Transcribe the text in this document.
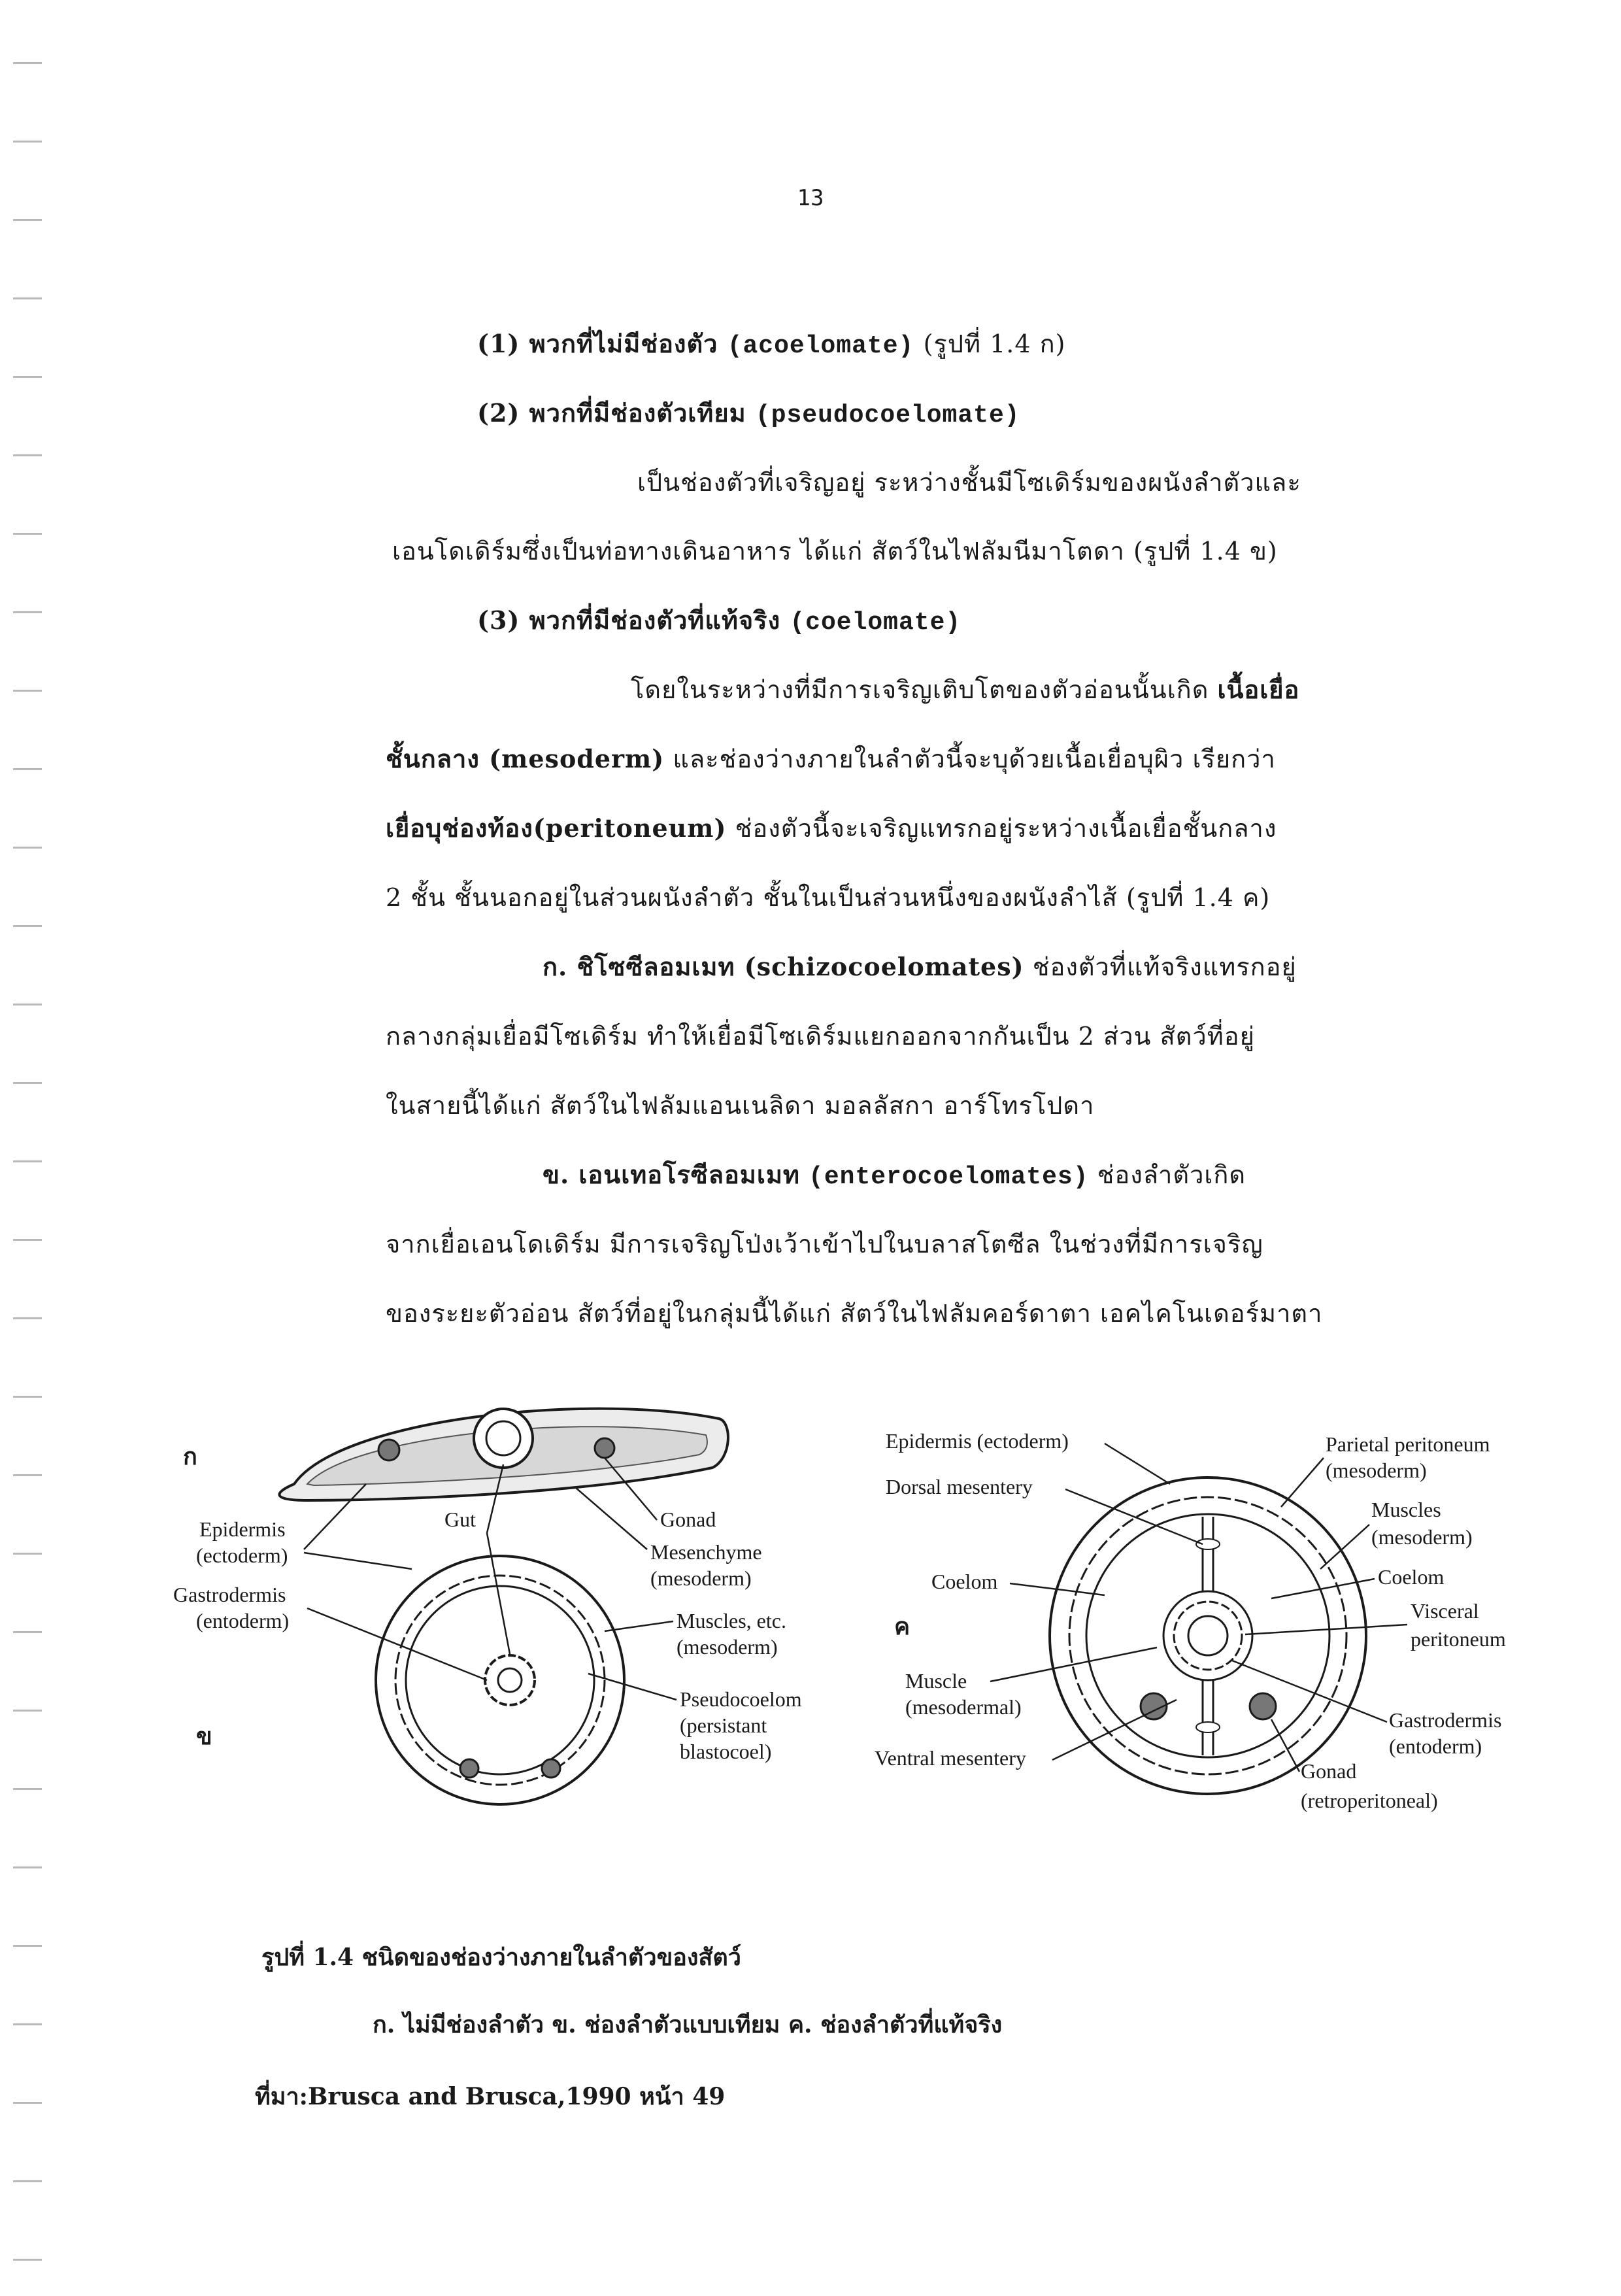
13
(1) พวกที่ไม่มีช่องตัว (acoelomate) (รูปที่ 1.4 ก)
(2) พวกที่มีช่องตัวเทียม (pseudocoelomate)
เป็นช่องตัวที่เจริญอยู่ ระหว่างชั้นมีโซเดิร์มของผนังลำตัวและ
เอนโดเดิร์มซึ่งเป็นท่อทางเดินอาหาร ได้แก่ สัตว์ในไฟลัมนีมาโตดา (รูปที่ 1.4 ข)
(3) พวกที่มีช่องตัวที่แท้จริง (coelomate)
โดยในระหว่างที่มีการเจริญเติบโตของตัวอ่อนนั้นเกิด เนื้อเยื่อ
ชั้นกลาง (mesoderm) และช่องว่างภายในลำตัวนี้จะบุด้วยเนื้อเยื่อบุผิว เรียกว่า
เยื่อบุช่องท้อง(peritoneum) ช่องตัวนี้จะเจริญแทรกอยู่ระหว่างเนื้อเยื่อชั้นกลาง
2 ชั้น ชั้นนอกอยู่ในส่วนผนังลำตัว ชั้นในเป็นส่วนหนึ่งของผนังลำไส้ (รูปที่ 1.4 ค)
ก. ชิโซซีลอมเมท (schizocoelomates) ช่องตัวที่แท้จริงแทรกอยู่
กลางกลุ่มเยื่อมีโซเดิร์ม ทำให้เยื่อมีโซเดิร์มแยกออกจากกันเป็น 2 ส่วน สัตว์ที่อยู่
ในสายนี้ได้แก่ สัตว์ในไฟลัมแอนเนลิดา มอลลัสกา อาร์โทรโปดา
ข. เอนเทอโรซีลอมเมท (enterocoelomates) ช่องลำตัวเกิด
จากเยื่อเอนโดเดิร์ม มีการเจริญโป่งเว้าเข้าไปในบลาสโตซีล ในช่วงที่มีการเจริญ
ของระยะตัวอ่อน สัตว์ที่อยู่ในกลุ่มนี้ได้แก่ สัตว์ในไฟลัมคอร์ดาตา เอคไคโนเดอร์มาตา
ก
ข
Epidermis
(ectoderm)
Gastrodermis
(entoderm)
Gut	Gonad
Mesenchyme
(mesoderm)
Muscles, etc.
(mesoderm)
Pseudocoelom
(persistant
blastocoel)
ค
Epidermis (ectoderm)
Dorsal mesentery
Coelom
Muscle
(mesodermal)
Ventral mesentery
Parietal peritoneum
(mesoderm)
Muscles
(mesoderm)
Coelom
Visceral
peritoneum
Gastrodermis
(entoderm)
Gonad
(retroperitoneal)
รูปที่ 1.4 ชนิดของช่องว่างภายในลำตัวของสัตว์
ก. ไม่มีช่องลำตัว ข. ช่องลำตัวแบบเทียม ค. ช่องลำตัวที่แท้จริง
ที่มา:Brusca and Brusca,1990 หน้า 49
